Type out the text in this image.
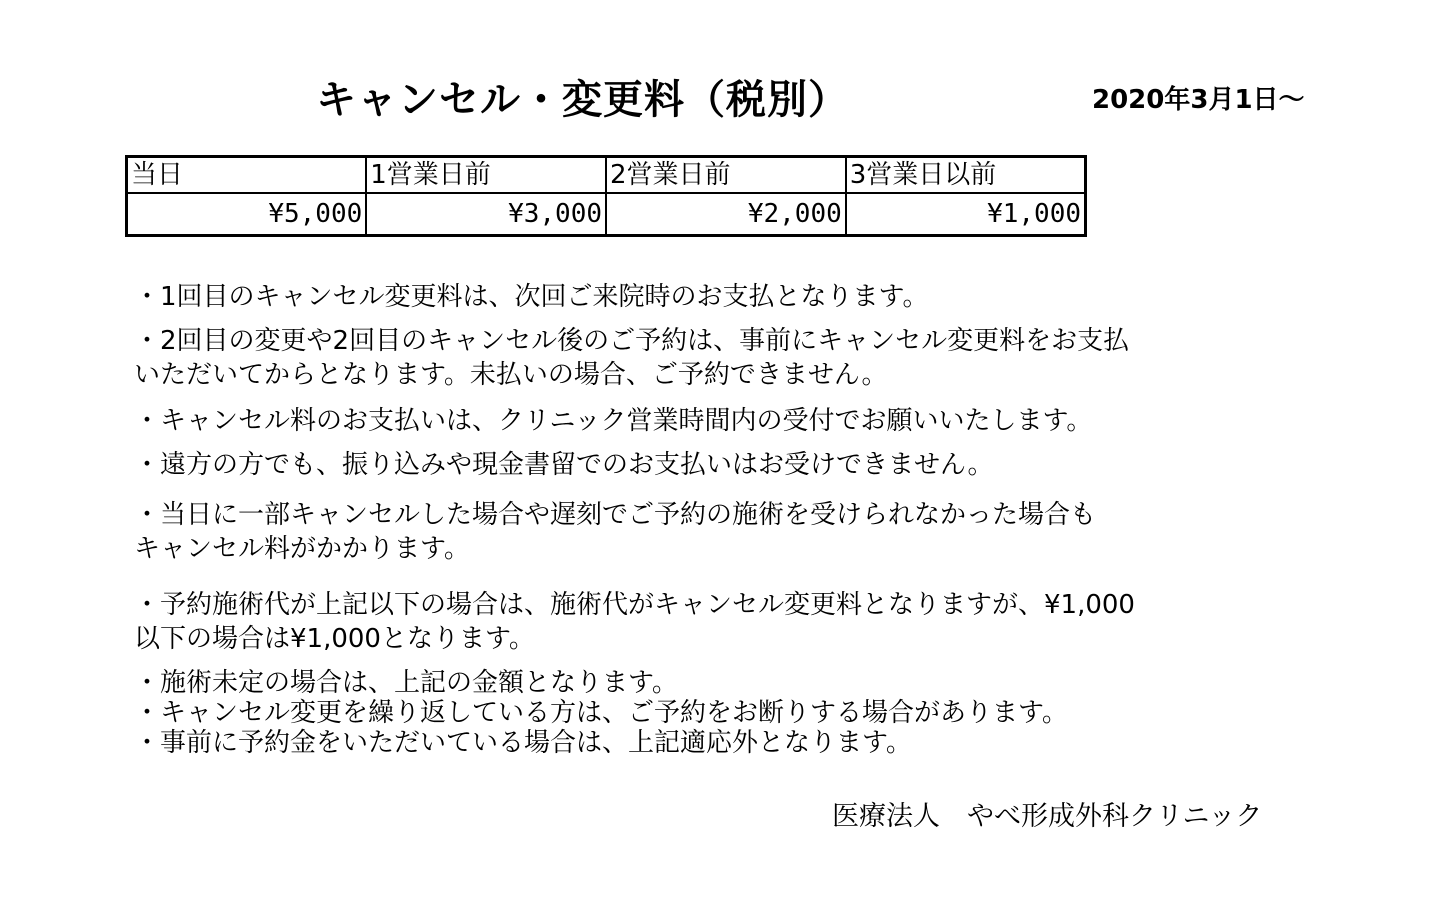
キャンセル・変更料（税別）	2020年3月1日～
当日	1営業日前	2営業日前	3営業日以前
¥5,000	¥3,000	¥2,000	¥1,000
・1回目のキャンセル変更料は、次回ご来院時のお支払となります。
・2回目の変更や2回目のキャンセル後のご予約は、事前にキャンセル変更料をお支払
いただいてからとなります。未払いの場合、ご予約できません。
・キャンセル料のお支払いは、クリニック営業時間内の受付でお願いいたします。
・遠方の方でも、振り込みや現金書留でのお支払いはお受けできません。
・当日に一部キャンセルした場合や遅刻でご予約の施術を受けられなかった場合も
キャンセル料がかかります。
・予約施術代が上記以下の場合は、施術代がキャンセル変更料となりますが、¥1,000
以下の場合は¥1,000となります。
・施術未定の場合は、上記の金額となります。
・キャンセル変更を繰り返している方は、ご予約をお断りする場合があります。
・事前に予約金をいただいている場合は、上記適応外となります。
医療法人　やべ形成外科クリニック
